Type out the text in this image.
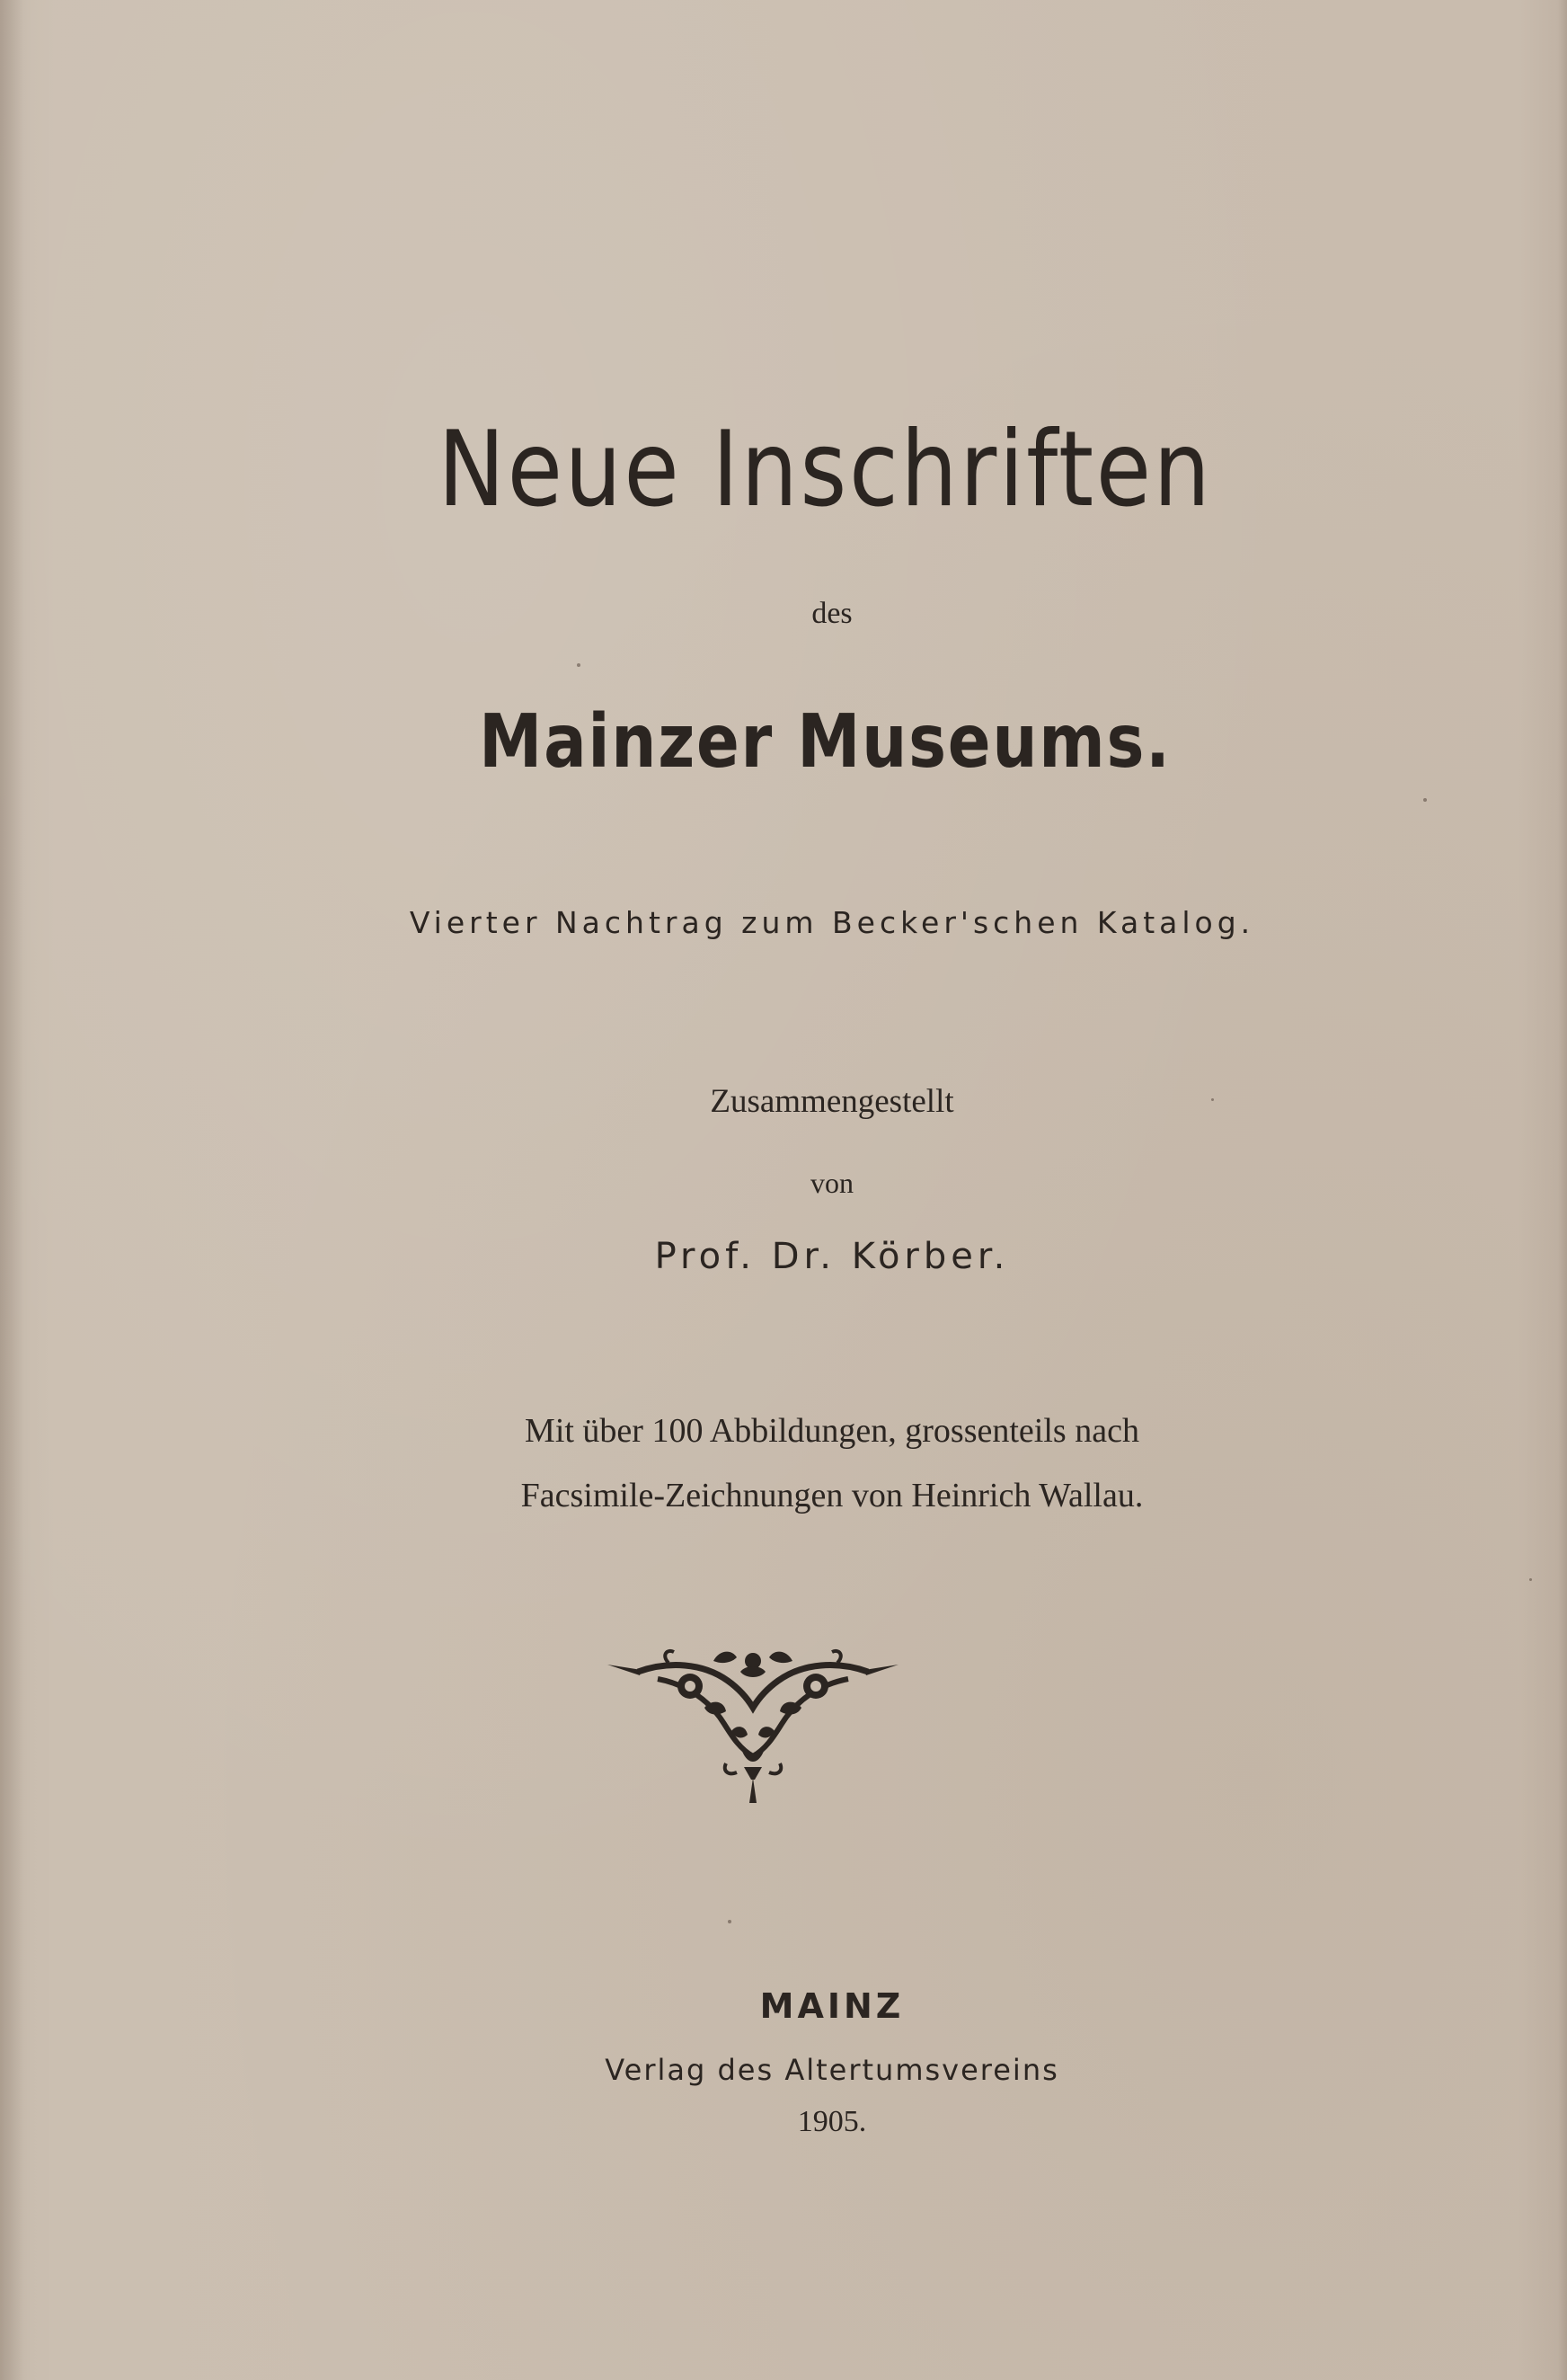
Neue Inschriften

des

Mainzer Museums.

Vierter Nachtrag zum Becker'schen Katalog.

Zusammengestellt

von

Prof. Dr. Körber.

Mit über 100 Abbildungen, grossenteils nach

Facsimile-Zeichnungen von Heinrich Wallau.

MAINZ

Verlag des Altertumsvereins

1905.
